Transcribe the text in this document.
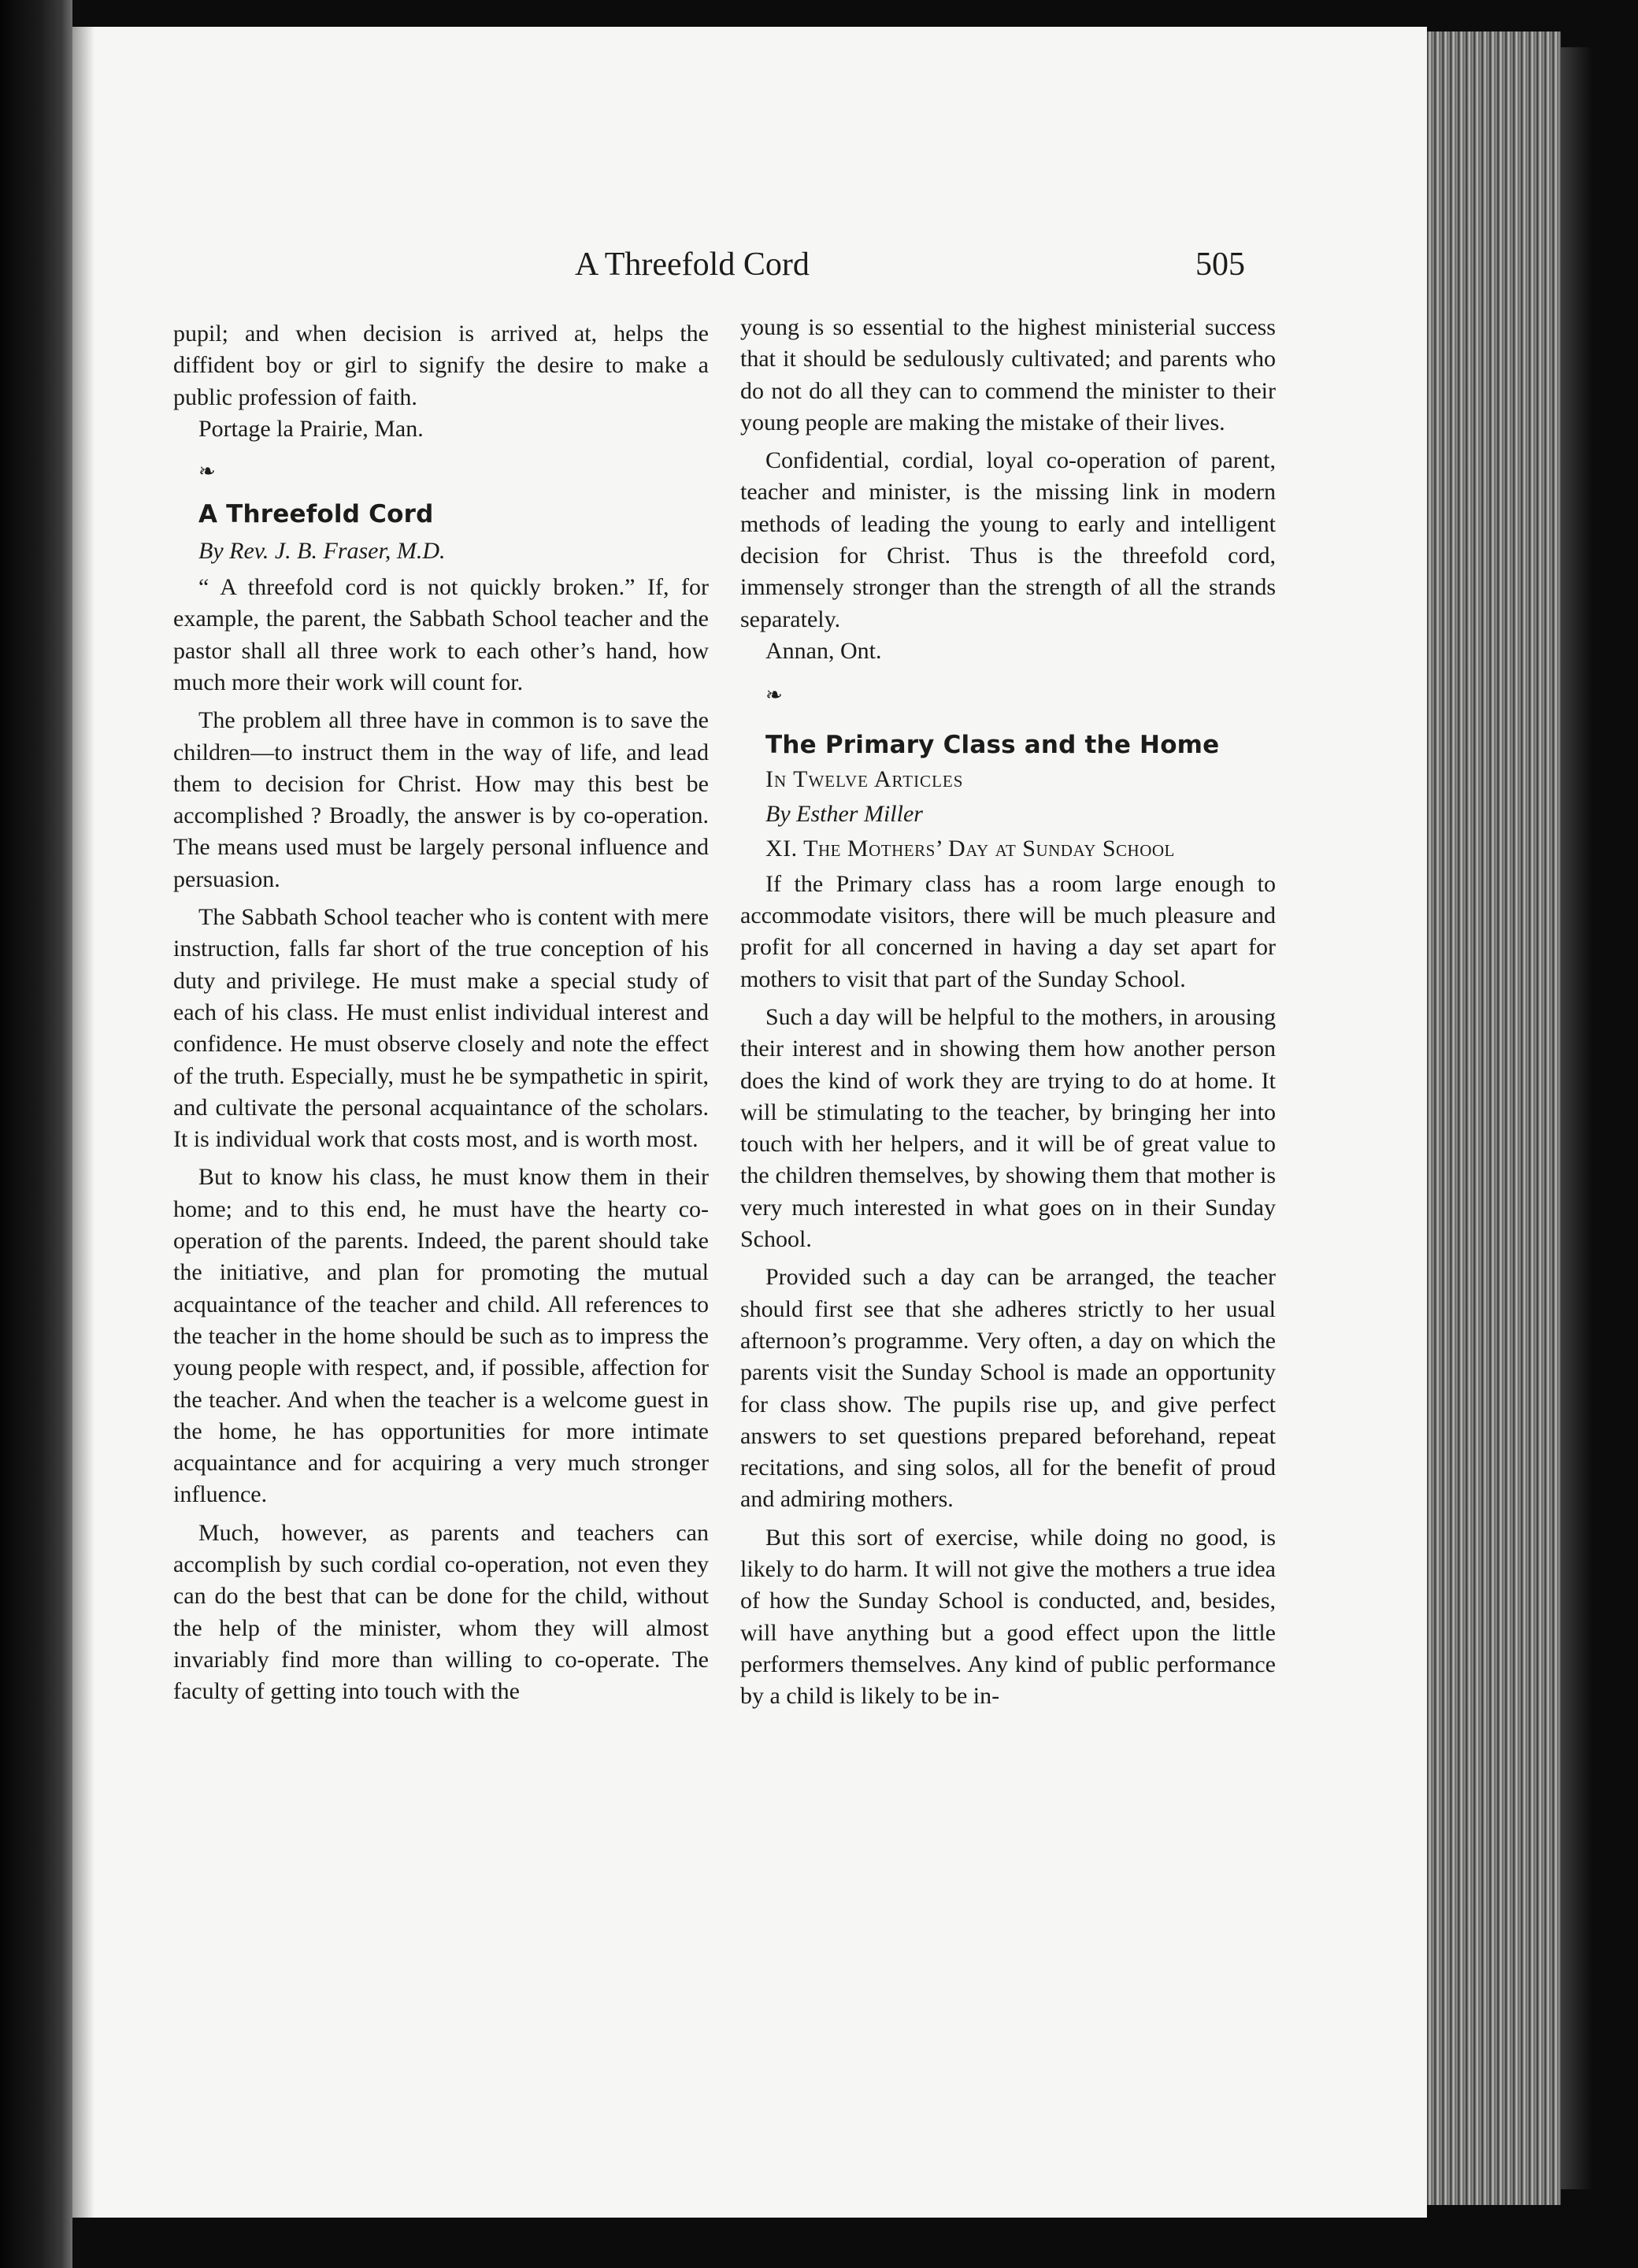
A Threefold Cord	505

pupil; and when decision is arrived at, helps the diffident boy or girl to signify the desire to make a public profession of faith.

Portage la Prairie, Man.

❧

A Threefold Cord

By Rev. J. B. Fraser, M.D.

“ A threefold cord is not quickly broken.” If, for example, the parent, the Sabbath School teacher and the pastor shall all three work to each other’s hand, how much more their work will count for.

The problem all three have in common is to save the children—to instruct them in the way of life, and lead them to decision for Christ. How may this best be accomplished ? Broadly, the answer is by co-operation. The means used must be largely personal influence and persuasion.

The Sabbath School teacher who is content with mere instruction, falls far short of the true conception of his duty and privilege. He must make a special study of each of his class. He must enlist individual interest and confidence. He must observe closely and note the effect of the truth. Especially, must he be sympathetic in spirit, and cultivate the personal acquaintance of the scholars. It is individual work that costs most, and is worth most.

But to know his class, he must know them in their home; and to this end, he must have the hearty co-operation of the parents. Indeed, the parent should take the initiative, and plan for promoting the mutual acquaintance of the teacher and child. All references to the teacher in the home should be such as to impress the young people with respect, and, if possible, affection for the teacher. And when the teacher is a welcome guest in the home, he has opportunities for more intimate acquaintance and for acquiring a very much stronger influence.

Much, however, as parents and teachers can accomplish by such cordial co-operation, not even they can do the best that can be done for the child, without the help of the minister, whom they will almost invariably find more than willing to co-operate. The faculty of getting into touch with the

young is so essential to the highest ministerial success that it should be sedulously cultivated; and parents who do not do all they can to commend the minister to their young people are making the mistake of their lives.

Confidential, cordial, loyal co-operation of parent, teacher and minister, is the missing link in modern methods of leading the young to early and intelligent decision for Christ. Thus is the threefold cord, immensely stronger than the strength of all the strands separately.

Annan, Ont.

❧

The Primary Class and the Home

In Twelve Articles

By Esther Miller

XI. The Mothers’ Day at Sunday School

If the Primary class has a room large enough to accommodate visitors, there will be much pleasure and profit for all concerned in having a day set apart for mothers to visit that part of the Sunday School.

Such a day will be helpful to the mothers, in arousing their interest and in showing them how another person does the kind of work they are trying to do at home. It will be stimulating to the teacher, by bringing her into touch with her helpers, and it will be of great value to the children themselves, by showing them that mother is very much interested in what goes on in their Sunday School.

Provided such a day can be arranged, the teacher should first see that she adheres strictly to her usual afternoon’s programme. Very often, a day on which the parents visit the Sunday School is made an opportunity for class show. The pupils rise up, and give perfect answers to set questions prepared beforehand, repeat recitations, and sing solos, all for the benefit of proud and admiring mothers.

But this sort of exercise, while doing no good, is likely to do harm. It will not give the mothers a true idea of how the Sunday School is conducted, and, besides, will have anything but a good effect upon the little performers themselves. Any kind of public performance by a child is likely to be in-
